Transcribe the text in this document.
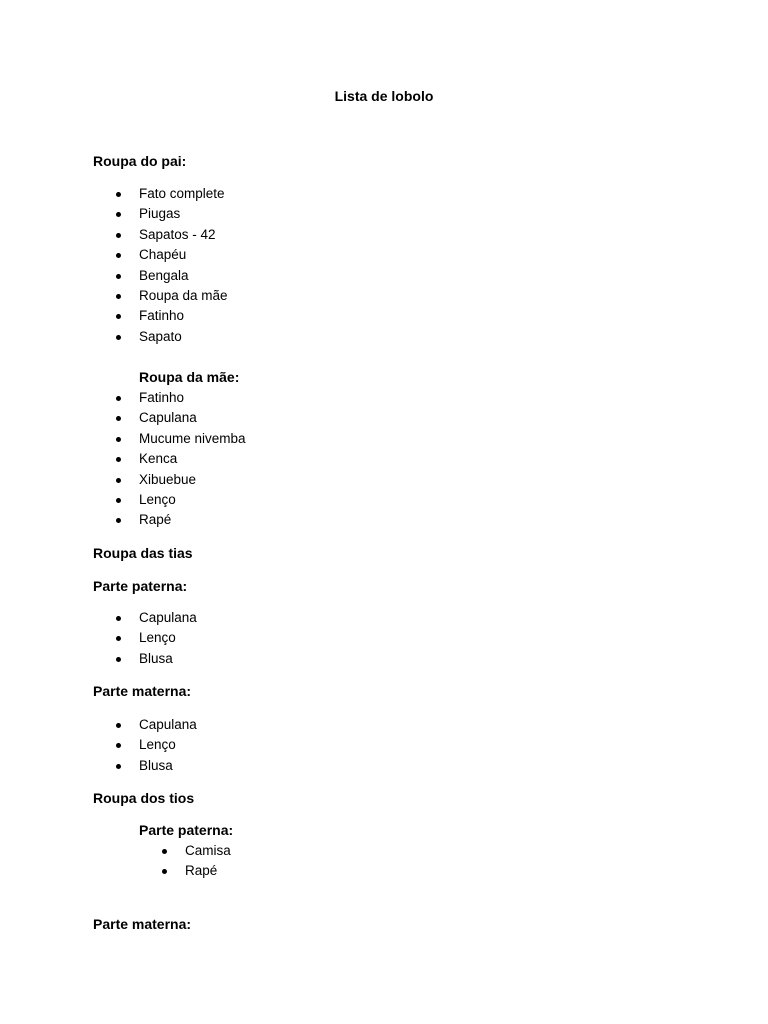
Lista de lobolo
Roupa do pai:
Fato complete
Piugas
Sapatos - 42
Chapéu
Bengala
Roupa da mãe
Fatinho
Sapato
Roupa da mãe:
Fatinho
Capulana
Mucume nivemba
Kenca
Xibuebue
Lenço
Rapé
Roupa das tias
Parte paterna:
Capulana
Lenço
Blusa
Parte materna:
Capulana
Lenço
Blusa
Roupa dos tios
Parte paterna:
Camisa
Rapé
Parte materna:
